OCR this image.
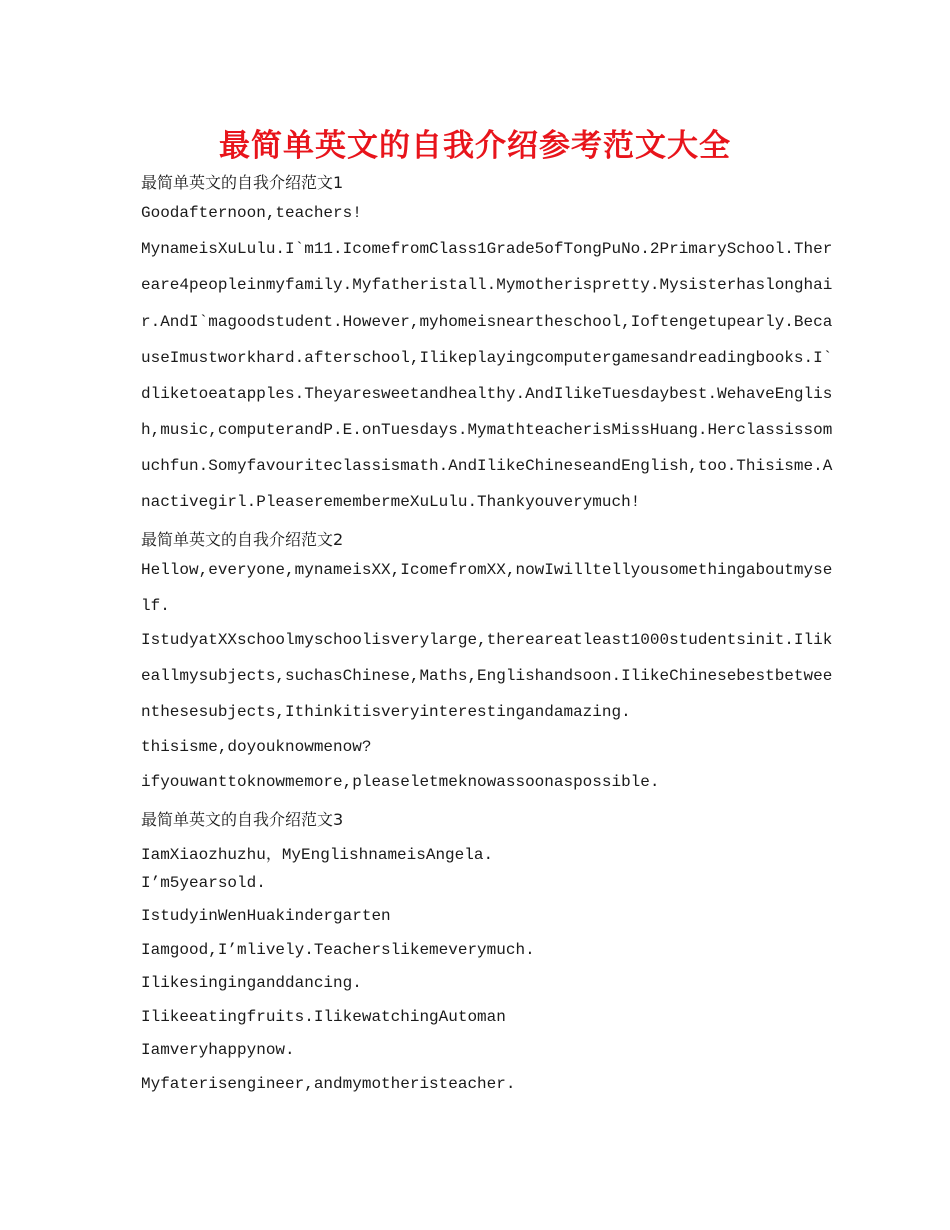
最简单英文的自我介绍参考范文大全
最简单英文的自我介绍范文1
Goodafternoon,teachers!
MynameisXuLulu.I`m11.IcomefromClass1Grade5ofTongPuNo.2PrimarySchool.Ther
eare4peopleinmyfamily.Myfatheristall.Mymotherispretty.Mysisterhaslonghai
r.AndI`magoodstudent.However,myhomeisneartheschool,Ioftengetupearly.Beca
useImustworkhard.afterschool,Ilikeplayingcomputergamesandreadingbooks.I`
dliketoeatapples.Theyaresweetandhealthy.AndIlikeTuesdaybest.WehaveEnglis
h,music,computerandP.E.onTuesdays.MymathteacherisMissHuang.Herclassissom
uchfun.Somyfavouriteclassismath.AndIlikeChineseandEnglish,too.Thisisme.A
nactivegirl.PleaseremembermeXuLulu.Thankyouverymuch!
最简单英文的自我介绍范文2
Hellow,everyone,mynameisXX,IcomefromXX,nowIwilltellyousomethingaboutmyse
lf.
IstudyatXXschoolmyschoolisverylarge,thereareatleast1000studentsinit.Ilik
eallmysubjects,suchasChinese,Maths,Englishandsoon.IlikeChinesebestbetwee
nthesesubjects,Ithinkitisveryinterestingandamazing.
thisisme,doyouknowmenow?
ifyouwanttoknowmemore,pleaseletmeknowassoonaspossible.
最简单英文的自我介绍范文3
IamXiaozhuzhu，MyEnglishnameisAngela.
I’m5yearsold.
IstudyinWenHuakindergarten
Iamgood,I’mlively.Teacherslikemeverymuch.
Ilikesinginganddancing.
Ilikeeatingfruits.IlikewatchingAutoman
Iamveryhappynow.
Myfaterisengineer,andmymotheristeacher.
